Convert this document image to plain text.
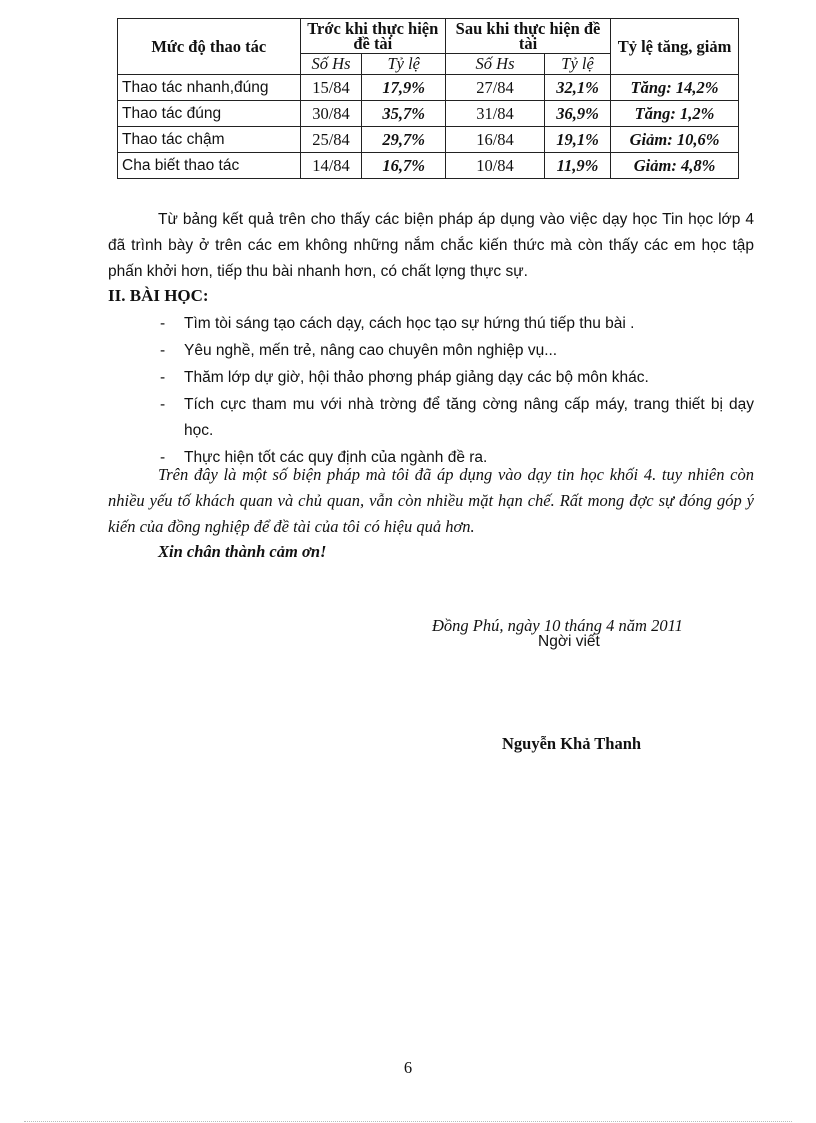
Mức độ thao tác	Trớc khi thực hiện đề tài		Sau khi thực hiện đề tài		Tỷ lệ tăng, giảm
	Số Hs	Tỷ lệ	Số Hs	Tỷ lệ	
Thao tác nhanh,đúng	15/84	17,9%	27/84	32,1%	Tăng: 14,2%
Thao tác đúng	30/84	35,7%	31/84	36,9%	Tăng: 1,2%
Thao tác chậm	25/84	29,7%	16/84	19,1%	Giảm: 10,6%
Cha biết thao tác	14/84	16,7%	10/84	11,9%	Giảm: 4,8%
Từ bảng kết quả trên cho thấy các biện pháp áp dụng vào việc dạy học Tin học lớp 4 đã trình bày ở trên các em không những nắm chắc kiến thức mà còn thấy các em học tập phấn khởi hơn, tiếp thu bài nhanh hơn, có chất lợng thực sự.
II. BÀI HỌC:
- Tìm tòi sáng tạo cách dạy, cách học tạo sự hứng thú tiếp thu bài .
- Yêu nghề, mến trẻ, nâng cao chuyên môn nghiệp vụ...
- Thăm lớp dự giờ, hội thảo phơng pháp giảng dạy các bộ môn khác.
- Tích cực tham mu với nhà trờng để tăng cờng nâng cấp máy, trang thiết bị dạy học.
- Thực hiện tốt các quy định của ngành đề ra.
Trên đây là một số biện pháp mà tôi đã áp dụng vào dạy tin học khối 4. tuy nhiên còn nhiều yếu tố khách quan và chủ quan, vẫn còn nhiều mặt hạn chế. Rất mong đợc sự đóng góp ý kiến của đồng nghiệp để đề tài của tôi có hiệu quả hơn.
Xin chân thành cảm ơn!
Đồng Phú, ngày 10 tháng 4 năm 2011
Ngời viết
Nguyễn Khả Thanh
6
